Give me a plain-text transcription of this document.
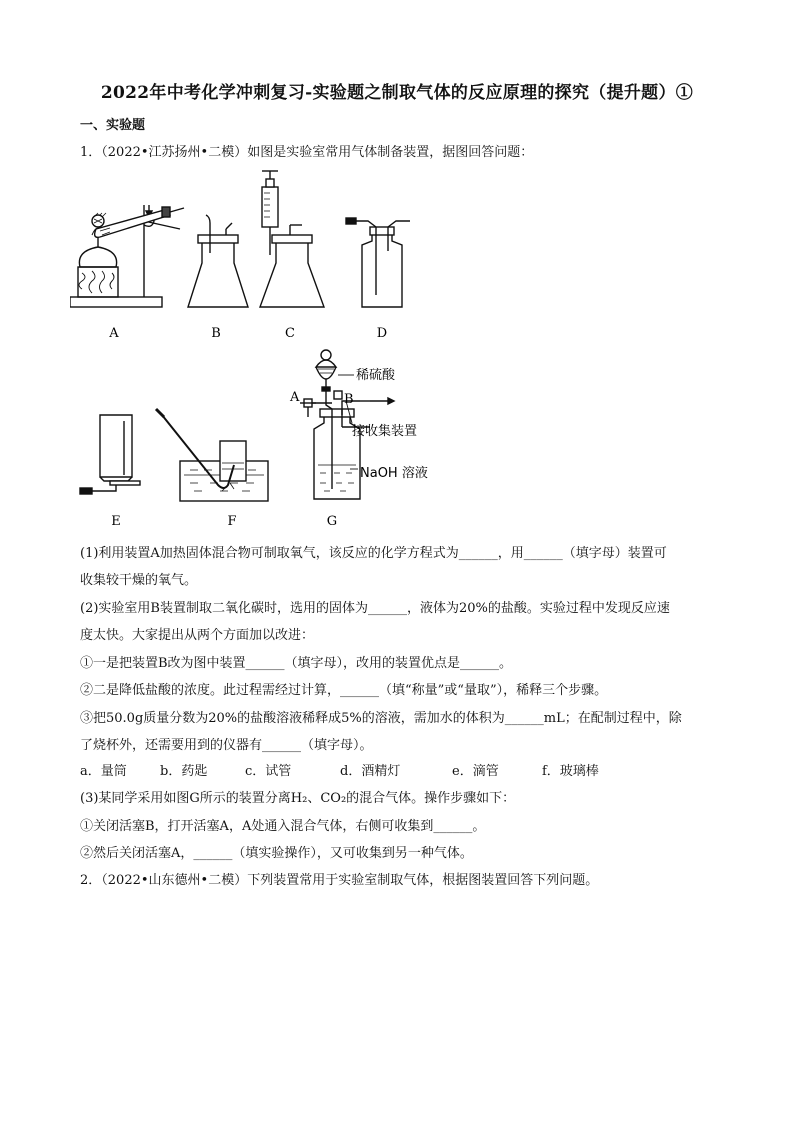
2022年中考化学冲刺复习-实验题之制取气体的反应原理的探究（提升题）①
一、实验题
1．（2022•江苏扬州•二模）如图是实验室常用气体制备装置，据图回答问题：
A	B	C	D
E	F	G
稀硫酸
A	B
接收集装置
NaOH 溶液
(1)利用装置A加热固体混合物可制取氧气，该反应的化学方程式为______，用______（填字母）装置可
收集较干燥的氧气。
(2)实验室用B装置制取二氧化碳时，选用的固体为______，液体为20%的盐酸。实验过程中发现反应速
度太快。大家提出从两个方面加以改进：
①一是把装置B改为图中装置______（填字母），改用的装置优点是______。
②二是降低盐酸的浓度。此过程需经过计算，______（填“称量”或“量取”），稀释三个步骤。
③把50.0g质量分数为20%的盐酸溶液稀释成5%的溶液，需加水的体积为______mL；在配制过程中，除
了烧杯外，还需要用到的仪器有______（填字母）。
a．量筒	b．药匙	c．试管	d．酒精灯	e．滴管	f．玻璃棒
(3)某同学采用如图G所示的装置分离H₂、CO₂的混合气体。操作步骤如下：
①关闭活塞B，打开活塞A，A处通入混合气体，右侧可收集到______。
②然后关闭活塞A，______（填实验操作），又可收集到另一种气体。
2．（2022•山东德州•二模）下列装置常用于实验室制取气体，根据图装置回答下列问题。
